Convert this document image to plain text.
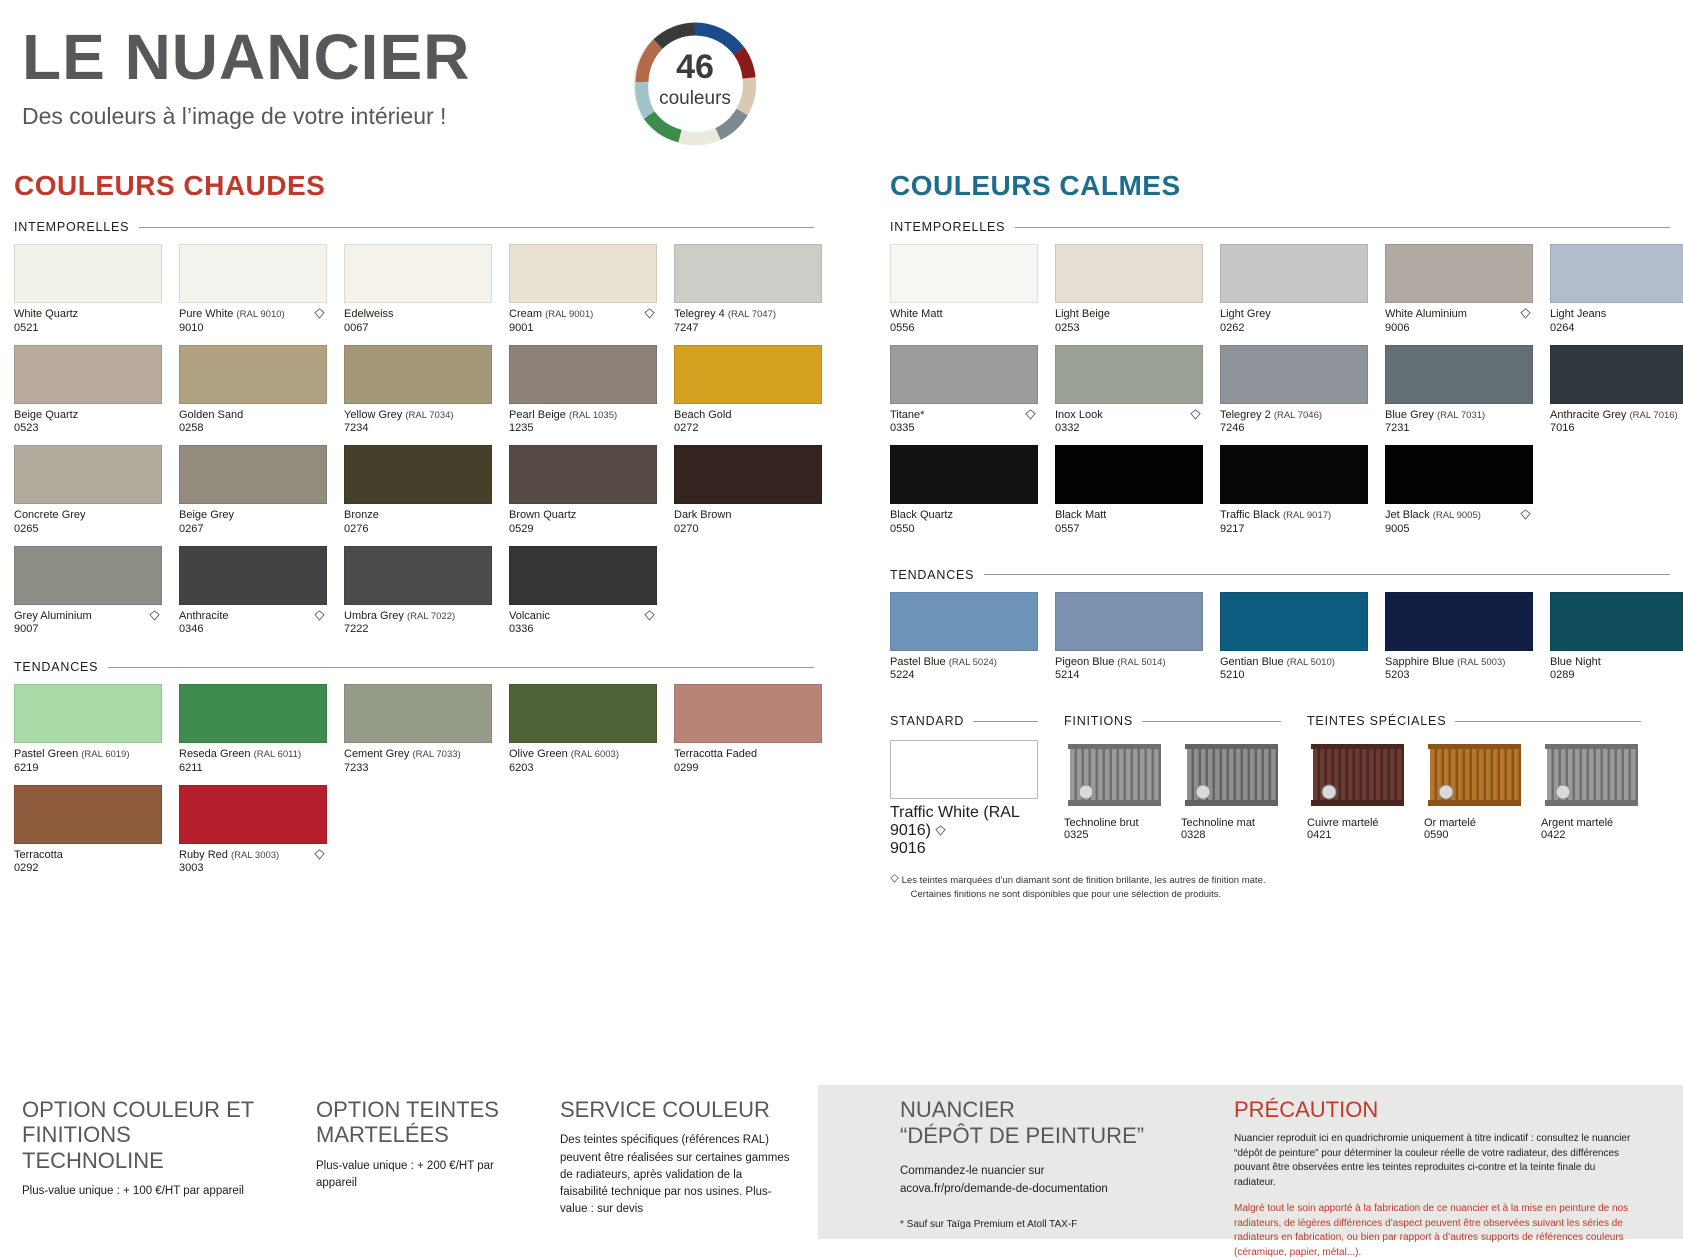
LE NUANCIER
Des couleurs à l’image de votre intérieur !
46
couleurs
COULEURS CHAUDES
INTEMPORELLES
White Quartz
0521
Pure White (RAL 9010)
9010
Edelweiss
0067
Cream (RAL 9001)
9001
Telegrey 4 (RAL 7047)
7247
Beige Quartz
0523
Golden Sand
0258
Yellow Grey (RAL 7034)
7234
Pearl Beige (RAL 1035)
1235
Beach Gold
0272
Concrete Grey
0265
Beige Grey
0267
Bronze
0276
Brown Quartz
0529
Dark Brown
0270
Grey Aluminium
9007
Anthracite
0346
Umbra Grey (RAL 7022)
7222
Volcanic
0336
TENDANCES
Pastel Green (RAL 6019)
6219
Reseda Green (RAL 6011)
6211
Cement Grey (RAL 7033)
7233
Olive Green (RAL 6003)
6203
Terracotta Faded
0299
Terracotta
0292
Ruby Red (RAL 3003)
3003
COULEURS CALMES
INTEMPORELLES
White Matt
0556
Light Beige
0253
Light Grey
0262
White Aluminium
9006
Light Jeans
0264
Titane*
0335
Inox Look
0332
Telegrey 2 (RAL 7046)
7246
Blue Grey (RAL 7031)
7231
Anthracite Grey (RAL 7016)
7016
Black Quartz
0550
Black Matt
0557
Traffic Black (RAL 9017)
9217
Jet Black (RAL 9005)
9005
TENDANCES
Pastel Blue (RAL 5024)
5224
Pigeon Blue (RAL 5014)
5214
Gentian Blue (RAL 5010)
5210
Sapphire Blue (RAL 5003)
5203
Blue Night
0289
STANDARD
Traffic White (RAL 9016)
9016
FINITIONS
Technoline brut
0325
Technoline mat
0328
TEINTES SPÉCIALES
Cuivre martelé
0421
Or martelé
0590
Argent martelé
0422
Les teintes marquées d’un diamant sont de finition brillante, les autres de finition mate.
Certaines finitions ne sont disponibles que pour une sélection de produits.
OPTION COULEUR ET FINITIONS TECHNOLINE
Plus-value unique : + 100 €/HT par appareil
OPTION TEINTES MARTELÉES
Plus-value unique : + 200 €/HT par appareil
SERVICE COULEUR
Des teintes spécifiques (références RAL) peuvent être réalisées sur certaines gammes de radiateurs, après validation de la faisabilité technique par nos usines. Plus-value : sur devis
NUANCIER
“DÉPÔT DE PEINTURE”
Commandez-le nuancier sur
acova.fr/pro/demande-de-documentation
* Sauf sur Taïga Premium et Atoll TAX-F
PRÉCAUTION
Nuancier reproduit ici en quadrichromie uniquement à titre indicatif : consultez le nuancier “dépôt de peinture” pour déterminer la couleur réelle de votre radiateur, des différences pouvant être observées entre les teintes reproduites ci-contre et la teinte finale du radiateur.
Malgré tout le soin apporté à la fabrication de ce nuancier et à la mise en peinture de nos radiateurs, de légères différences d’aspect peuvent être observées suivant les séries de radiateurs en fabrication, ou bien par rapport à d’autres supports de références couleurs (céramique, papier, métal...).
